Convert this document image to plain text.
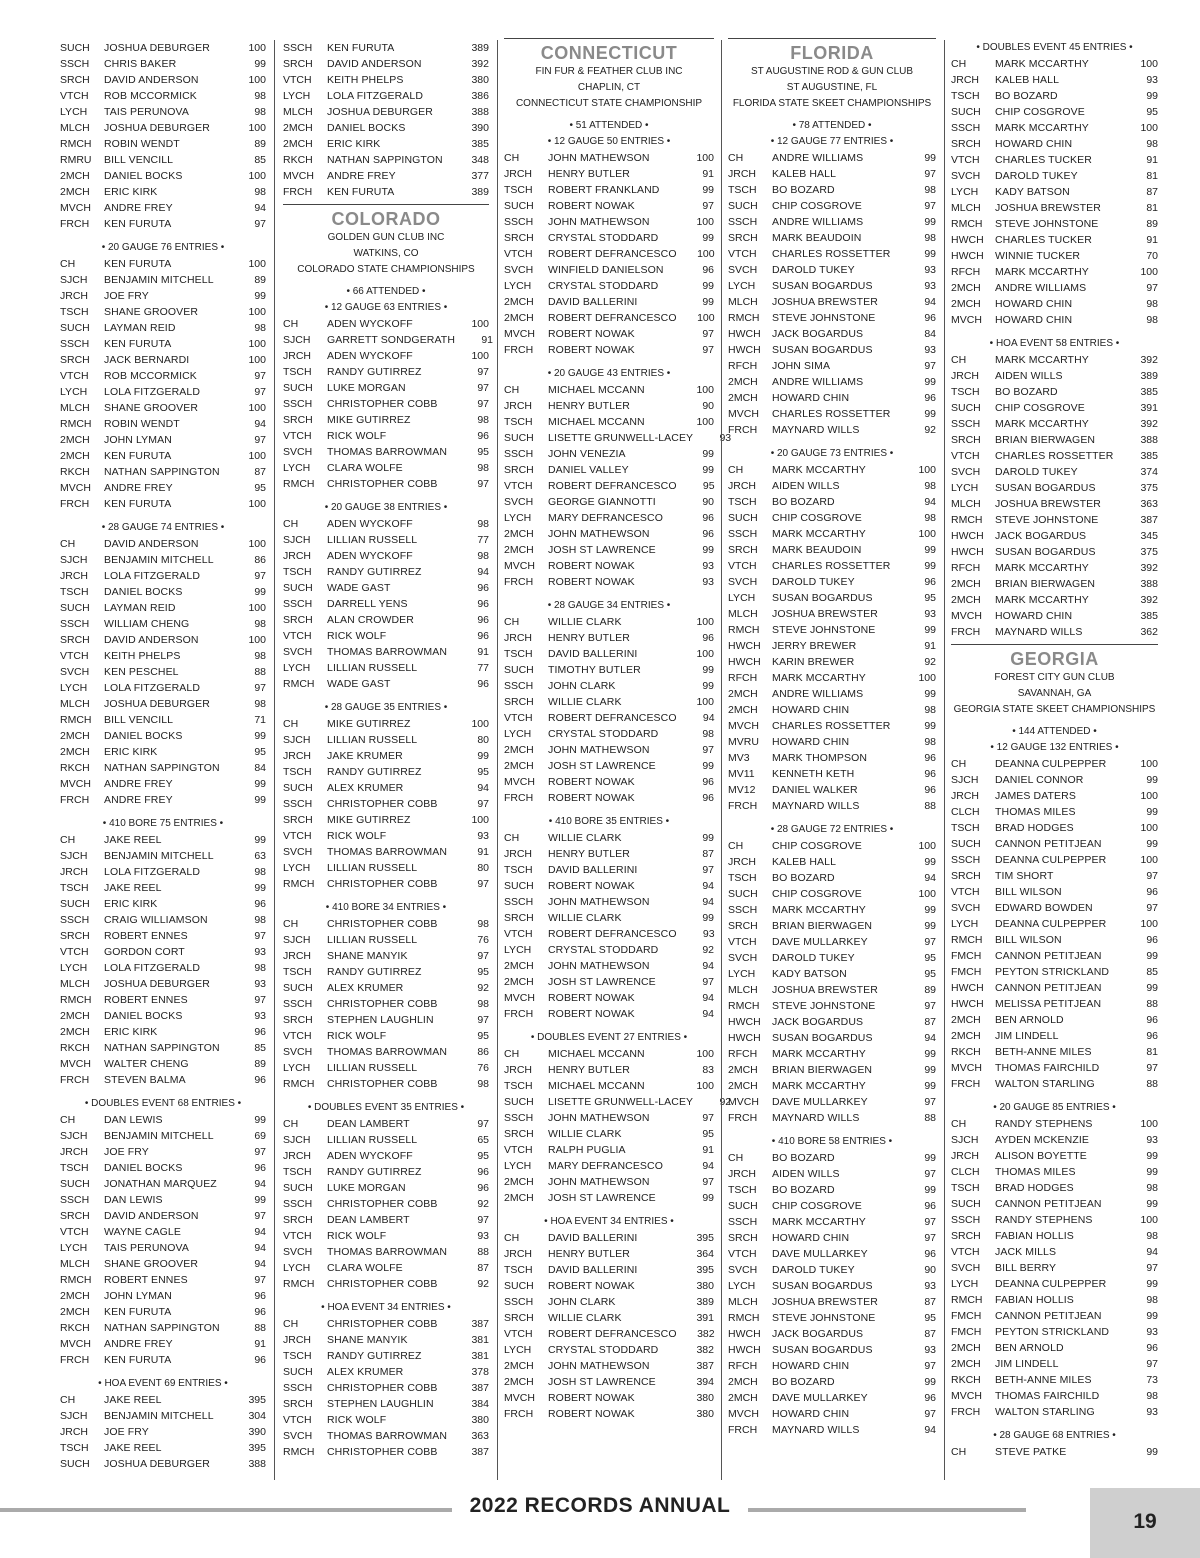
SUCH	JOSHUA DEBURGER	100
SSCH	CHRIS BAKER	99
SRCH	DAVID ANDERSON	100
VTCH	ROB MCCORMICK	98
LYCH	TAIS PERUNOVA	98
MLCH	JOSHUA DEBURGER	100
RMCH	ROBIN WENDT	89
RMRU	BILL VENCILL	85
2MCH	DANIEL BOCKS	100
2MCH	ERIC KIRK	98
MVCH	ANDRE FREY	94
FRCH	KEN FURUTA	97
• 20 GAUGE 76 ENTRIES •
CH	KEN FURUTA	100
SJCH	BENJAMIN MITCHELL	89
JRCH	JOE FRY	99
TSCH	SHANE GROOVER	100
SUCH	LAYMAN REID	98
SSCH	KEN FURUTA	100
SRCH	JACK BERNARDI	100
VTCH	ROB MCCORMICK	97
LYCH	LOLA FITZGERALD	97
MLCH	SHANE GROOVER	100
RMCH	ROBIN WENDT	94
2MCH	JOHN LYMAN	97
2MCH	KEN FURUTA	100
RKCH	NATHAN SAPPINGTON	87
MVCH	ANDRE FREY	95
FRCH	KEN FURUTA	100
• 28 GAUGE 74 ENTRIES •
CH	DAVID ANDERSON	100
SJCH	BENJAMIN MITCHELL	86
JRCH	LOLA FITZGERALD	97
TSCH	DANIEL BOCKS	99
SUCH	LAYMAN REID	100
SSCH	WILLIAM CHENG	98
SRCH	DAVID ANDERSON	100
VTCH	KEITH PHELPS	98
SVCH	KEN PESCHEL	88
LYCH	LOLA FITZGERALD	97
MLCH	JOSHUA DEBURGER	98
RMCH	BILL VENCILL	71
2MCH	DANIEL BOCKS	99
2MCH	ERIC KIRK	95
RKCH	NATHAN SAPPINGTON	84
MVCH	ANDRE FREY	99
FRCH	ANDRE FREY	99
• 410 BORE 75 ENTRIES •
CH	JAKE REEL	99
SJCH	BENJAMIN MITCHELL	63
JRCH	LOLA FITZGERALD	98
TSCH	JAKE REEL	99
SUCH	ERIC KIRK	96
SSCH	CRAIG WILLIAMSON	98
SRCH	ROBERT ENNES	97
VTCH	GORDON CORT	93
LYCH	LOLA FITZGERALD	98
MLCH	JOSHUA DEBURGER	93
RMCH	ROBERT ENNES	97
2MCH	DANIEL BOCKS	93
2MCH	ERIC KIRK	96
RKCH	NATHAN SAPPINGTON	85
MVCH	WALTER CHENG	89
FRCH	STEVEN BALMA	96
• DOUBLES EVENT 68 ENTRIES •
CH	DAN LEWIS	99
SJCH	BENJAMIN MITCHELL	69
JRCH	JOE FRY	97
TSCH	DANIEL BOCKS	96
SUCH	JONATHAN MARQUEZ	94
SSCH	DAN LEWIS	99
SRCH	DAVID ANDERSON	97
VTCH	WAYNE CAGLE	94
LYCH	TAIS PERUNOVA	94
MLCH	SHANE GROOVER	94
RMCH	ROBERT ENNES	97
2MCH	JOHN LYMAN	96
2MCH	KEN FURUTA	96
RKCH	NATHAN SAPPINGTON	88
MVCH	ANDRE FREY	91
FRCH	KEN FURUTA	96
• HOA EVENT 69 ENTRIES •
CH	JAKE REEL	395
SJCH	BENJAMIN MITCHELL	304
JRCH	JOE FRY	390
TSCH	JAKE REEL	395
SUCH	JOSHUA DEBURGER	388
SSCH	KEN FURUTA	389
SRCH	DAVID ANDERSON	392
VTCH	KEITH PHELPS	380
LYCH	LOLA FITZGERALD	386
MLCH	JOSHUA DEBURGER	388
2MCH	DANIEL BOCKS	390
2MCH	ERIC KIRK	385
RKCH	NATHAN SAPPINGTON	348
MVCH	ANDRE FREY	377
FRCH	KEN FURUTA	389
COLORADO
GOLDEN GUN CLUB INC
WATKINS, CO
COLORADO STATE CHAMPIONSHIPS
• 66 ATTENDED •
• 12 GAUGE 63 ENTRIES •
CH	ADEN WYCKOFF	100
SJCH	GARRETT SONDGERATH	91
JRCH	ADEN WYCKOFF	100
TSCH	RANDY GUTIRREZ	97
SUCH	LUKE MORGAN	97
SSCH	CHRISTOPHER COBB	97
SRCH	MIKE GUTIRREZ	98
VTCH	RICK WOLF	96
SVCH	THOMAS BARROWMAN	95
LYCH	CLARA WOLFE	98
RMCH	CHRISTOPHER COBB	97
• 20 GAUGE 38 ENTRIES •
CH	ADEN WYCKOFF	98
SJCH	LILLIAN RUSSELL	77
JRCH	ADEN WYCKOFF	98
TSCH	RANDY GUTIRREZ	94
SUCH	WADE GAST	96
SSCH	DARRELL YENS	96
SRCH	ALAN CROWDER	96
VTCH	RICK WOLF	96
SVCH	THOMAS BARROWMAN	91
LYCH	LILLIAN RUSSELL	77
RMCH	WADE GAST	96
• 28 GAUGE 35 ENTRIES •
CH	MIKE GUTIRREZ	100
SJCH	LILLIAN RUSSELL	80
JRCH	JAKE KRUMER	99
TSCH	RANDY GUTIRREZ	95
SUCH	ALEX KRUMER	94
SSCH	CHRISTOPHER COBB	97
SRCH	MIKE GUTIRREZ	100
VTCH	RICK WOLF	93
SVCH	THOMAS BARROWMAN	91
LYCH	LILLIAN RUSSELL	80
RMCH	CHRISTOPHER COBB	97
• 410 BORE 34 ENTRIES •
CH	CHRISTOPHER COBB	98
SJCH	LILLIAN RUSSELL	76
JRCH	SHANE MANYIK	97
TSCH	RANDY GUTIRREZ	95
SUCH	ALEX KRUMER	92
SSCH	CHRISTOPHER COBB	98
SRCH	STEPHEN LAUGHLIN	97
VTCH	RICK WOLF	95
SVCH	THOMAS BARROWMAN	86
LYCH	LILLIAN RUSSELL	76
RMCH	CHRISTOPHER COBB	98
• DOUBLES EVENT 35 ENTRIES •
CH	DEAN LAMBERT	97
SJCH	LILLIAN RUSSELL	65
JRCH	ADEN WYCKOFF	95
TSCH	RANDY GUTIRREZ	96
SUCH	LUKE MORGAN	96
SSCH	CHRISTOPHER COBB	92
SRCH	DEAN LAMBERT	97
VTCH	RICK WOLF	93
SVCH	THOMAS BARROWMAN	88
LYCH	CLARA WOLFE	87
RMCH	CHRISTOPHER COBB	92
• HOA EVENT 34 ENTRIES •
CH	CHRISTOPHER COBB	387
JRCH	SHANE MANYIK	381
TSCH	RANDY GUTIRREZ	381
SUCH	ALEX KRUMER	378
SSCH	CHRISTOPHER COBB	387
SRCH	STEPHEN LAUGHLIN	384
VTCH	RICK WOLF	380
SVCH	THOMAS BARROWMAN	363
RMCH	CHRISTOPHER COBB	387
CONNECTICUT
FIN FUR & FEATHER CLUB INC
CHAPLIN, CT
CONNECTICUT STATE CHAMPIONSHIP
• 51 ATTENDED •
• 12 GAUGE 50 ENTRIES •
CH	JOHN MATHEWSON	100
JRCH	HENRY BUTLER	91
TSCH	ROBERT FRANKLAND	99
SUCH	ROBERT NOWAK	97
SSCH	JOHN MATHEWSON	100
SRCH	CRYSTAL STODDARD	99
VTCH	ROBERT DEFRANCESCO	100
SVCH	WINFIELD DANIELSON	96
LYCH	CRYSTAL STODDARD	99
2MCH	DAVID BALLERINI	99
2MCH	ROBERT DEFRANCESCO	100
MVCH	ROBERT NOWAK	97
FRCH	ROBERT NOWAK	97
• 20 GAUGE 43 ENTRIES •
CH	MICHAEL MCCANN	100
JRCH	HENRY BUTLER	90
TSCH	MICHAEL MCCANN	100
SUCH	LISETTE GRUNWELL-LACEY	93
SSCH	JOHN VENEZIA	99
SRCH	DANIEL VALLEY	99
VTCH	ROBERT DEFRANCESCO	95
SVCH	GEORGE GIANNOTTI	90
LYCH	MARY DEFRANCESCO	96
2MCH	JOHN MATHEWSON	96
2MCH	JOSH ST LAWRENCE	99
MVCH	ROBERT NOWAK	93
FRCH	ROBERT NOWAK	93
• 28 GAUGE 34 ENTRIES •
CH	WILLIE CLARK	100
JRCH	HENRY BUTLER	96
TSCH	DAVID BALLERINI	100
SUCH	TIMOTHY BUTLER	99
SSCH	JOHN CLARK	99
SRCH	WILLIE CLARK	100
VTCH	ROBERT DEFRANCESCO	94
LYCH	CRYSTAL STODDARD	98
2MCH	JOHN MATHEWSON	97
2MCH	JOSH ST LAWRENCE	99
MVCH	ROBERT NOWAK	96
FRCH	ROBERT NOWAK	96
• 410 BORE 35 ENTRIES •
CH	WILLIE CLARK	99
JRCH	HENRY BUTLER	87
TSCH	DAVID BALLERINI	97
SUCH	ROBERT NOWAK	94
SSCH	JOHN MATHEWSON	94
SRCH	WILLIE CLARK	99
VTCH	ROBERT DEFRANCESCO	93
LYCH	CRYSTAL STODDARD	92
2MCH	JOHN MATHEWSON	94
2MCH	JOSH ST LAWRENCE	97
MVCH	ROBERT NOWAK	94
FRCH	ROBERT NOWAK	94
• DOUBLES EVENT 27 ENTRIES •
CH	MICHAEL MCCANN	100
JRCH	HENRY BUTLER	83
TSCH	MICHAEL MCCANN	100
SUCH	LISETTE GRUNWELL-LACEY	92
SSCH	JOHN MATHEWSON	97
SRCH	WILLIE CLARK	95
VTCH	RALPH PUGLIA	91
LYCH	MARY DEFRANCESCO	94
2MCH	JOHN MATHEWSON	97
2MCH	JOSH ST LAWRENCE	99
• HOA EVENT 34 ENTRIES •
CH	DAVID BALLERINI	395
JRCH	HENRY BUTLER	364
TSCH	DAVID BALLERINI	395
SUCH	ROBERT NOWAK	380
SSCH	JOHN CLARK	389
SRCH	WILLIE CLARK	391
VTCH	ROBERT DEFRANCESCO	382
LYCH	CRYSTAL STODDARD	382
2MCH	JOHN MATHEWSON	387
2MCH	JOSH ST LAWRENCE	394
MVCH	ROBERT NOWAK	380
FRCH	ROBERT NOWAK	380
FLORIDA
ST AUGUSTINE ROD & GUN CLUB
ST AUGUSTINE, FL
FLORIDA STATE SKEET CHAMPIONSHIPS
• 78 ATTENDED •
• 12 GAUGE 77 ENTRIES •
CH	ANDRE WILLIAMS	99
JRCH	KALEB HALL	97
TSCH	BO BOZARD	98
SUCH	CHIP COSGROVE	97
SSCH	ANDRE WILLIAMS	99
SRCH	MARK BEAUDOIN	98
VTCH	CHARLES ROSSETTER	99
SVCH	DAROLD TUKEY	93
LYCH	SUSAN BOGARDUS	93
MLCH	JOSHUA BREWSTER	94
RMCH	STEVE JOHNSTONE	96
HWCH	JACK BOGARDUS	84
HWCH	SUSAN BOGARDUS	93
RFCH	JOHN SIMA	97
2MCH	ANDRE WILLIAMS	99
2MCH	HOWARD CHIN	96
MVCH	CHARLES ROSSETTER	99
FRCH	MAYNARD WILLS	92
• 20 GAUGE 73 ENTRIES •
CH	MARK MCCARTHY	100
JRCH	AIDEN WILLS	98
TSCH	BO BOZARD	94
SUCH	CHIP COSGROVE	98
SSCH	MARK MCCARTHY	100
SRCH	MARK BEAUDOIN	99
VTCH	CHARLES ROSSETTER	99
SVCH	DAROLD TUKEY	96
LYCH	SUSAN BOGARDUS	95
MLCH	JOSHUA BREWSTER	93
RMCH	STEVE JOHNSTONE	99
HWCH	JERRY BREWER	91
HWCH	KARIN BREWER	92
RFCH	MARK MCCARTHY	100
2MCH	ANDRE WILLIAMS	99
2MCH	HOWARD CHIN	98
MVCH	CHARLES ROSSETTER	99
MVRU	HOWARD CHIN	98
MV3	MARK THOMPSON	96
MV11	KENNETH KETH	96
MV12	DANIEL WALKER	96
FRCH	MAYNARD WILLS	88
• 28 GAUGE 72 ENTRIES •
CH	CHIP COSGROVE	100
JRCH	KALEB HALL	99
TSCH	BO BOZARD	94
SUCH	CHIP COSGROVE	100
SSCH	MARK MCCARTHY	99
SRCH	BRIAN BIERWAGEN	99
VTCH	DAVE MULLARKEY	97
SVCH	DAROLD TUKEY	95
LYCH	KADY BATSON	95
MLCH	JOSHUA BREWSTER	89
RMCH	STEVE JOHNSTONE	97
HWCH	JACK BOGARDUS	87
HWCH	SUSAN BOGARDUS	94
RFCH	MARK MCCARTHY	99
2MCH	BRIAN BIERWAGEN	99
2MCH	MARK MCCARTHY	99
MVCH	DAVE MULLARKEY	97
FRCH	MAYNARD WILLS	88
• 410 BORE 58 ENTRIES •
CH	BO BOZARD	99
JRCH	AIDEN WILLS	97
TSCH	BO BOZARD	99
SUCH	CHIP COSGROVE	96
SSCH	MARK MCCARTHY	97
SRCH	HOWARD CHIN	97
VTCH	DAVE MULLARKEY	96
SVCH	DAROLD TUKEY	90
LYCH	SUSAN BOGARDUS	93
MLCH	JOSHUA BREWSTER	87
RMCH	STEVE JOHNSTONE	95
HWCH	JACK BOGARDUS	87
HWCH	SUSAN BOGARDUS	93
RFCH	HOWARD CHIN	97
2MCH	BO BOZARD	99
2MCH	DAVE MULLARKEY	96
MVCH	HOWARD CHIN	97
FRCH	MAYNARD WILLS	94
• DOUBLES EVENT 45 ENTRIES •
CH	MARK MCCARTHY	100
JRCH	KALEB HALL	93
TSCH	BO BOZARD	99
SUCH	CHIP COSGROVE	95
SSCH	MARK MCCARTHY	100
SRCH	HOWARD CHIN	98
VTCH	CHARLES TUCKER	91
SVCH	DAROLD TUKEY	81
LYCH	KADY BATSON	87
MLCH	JOSHUA BREWSTER	81
RMCH	STEVE JOHNSTONE	89
HWCH	CHARLES TUCKER	91
HWCH	WINNIE TUCKER	70
RFCH	MARK MCCARTHY	100
2MCH	ANDRE WILLIAMS	97
2MCH	HOWARD CHIN	98
MVCH	HOWARD CHIN	98
• HOA EVENT 58 ENTRIES •
CH	MARK MCCARTHY	392
JRCH	AIDEN WILLS	389
TSCH	BO BOZARD	385
SUCH	CHIP COSGROVE	391
SSCH	MARK MCCARTHY	392
SRCH	BRIAN BIERWAGEN	388
VTCH	CHARLES ROSSETTER	385
SVCH	DAROLD TUKEY	374
LYCH	SUSAN BOGARDUS	375
MLCH	JOSHUA BREWSTER	363
RMCH	STEVE JOHNSTONE	387
HWCH	JACK BOGARDUS	345
HWCH	SUSAN BOGARDUS	375
RFCH	MARK MCCARTHY	392
2MCH	BRIAN BIERWAGEN	388
2MCH	MARK MCCARTHY	392
MVCH	HOWARD CHIN	385
FRCH	MAYNARD WILLS	362
GEORGIA
FOREST CITY GUN CLUB
SAVANNAH, GA
GEORGIA STATE SKEET CHAMPIONSHIPS
• 144 ATTENDED •
• 12 GAUGE 132 ENTRIES •
CH	DEANNA CULPEPPER	100
SJCH	DANIEL CONNOR	99
JRCH	JAMES DATERS	100
CLCH	THOMAS MILES	99
TSCH	BRAD HODGES	100
SUCH	CANNON PETITJEAN	99
SSCH	DEANNA CULPEPPER	100
SRCH	TIM SHORT	97
VTCH	BILL WILSON	96
SVCH	EDWARD BOWDEN	97
LYCH	DEANNA CULPEPPER	100
RMCH	BILL WILSON	96
FMCH	CANNON PETITJEAN	99
FMCH	PEYTON STRICKLAND	85
HWCH	CANNON PETITJEAN	99
HWCH	MELISSA PETITJEAN	88
2MCH	BEN ARNOLD	96
2MCH	JIM LINDELL	96
RKCH	BETH-ANNE MILES	81
MVCH	THOMAS FAIRCHILD	97
FRCH	WALTON STARLING	88
• 20 GAUGE 85 ENTRIES •
CH	RANDY STEPHENS	100
SJCH	AYDEN MCKENZIE	93
JRCH	ALISON BOYETTE	99
CLCH	THOMAS MILES	99
TSCH	BRAD HODGES	98
SUCH	CANNON PETITJEAN	99
SSCH	RANDY STEPHENS	100
SRCH	FABIAN HOLLIS	98
VTCH	JACK MILLS	94
SVCH	BILL BERRY	97
LYCH	DEANNA CULPEPPER	99
RMCH	FABIAN HOLLIS	98
FMCH	CANNON PETITJEAN	99
FMCH	PEYTON STRICKLAND	93
2MCH	BEN ARNOLD	96
2MCH	JIM LINDELL	97
RKCH	BETH-ANNE MILES	73
MVCH	THOMAS FAIRCHILD	98
FRCH	WALTON STARLING	93
• 28 GAUGE 68 ENTRIES •
CH	STEVE PATKE	99
2022 RECORDS ANNUAL
19
